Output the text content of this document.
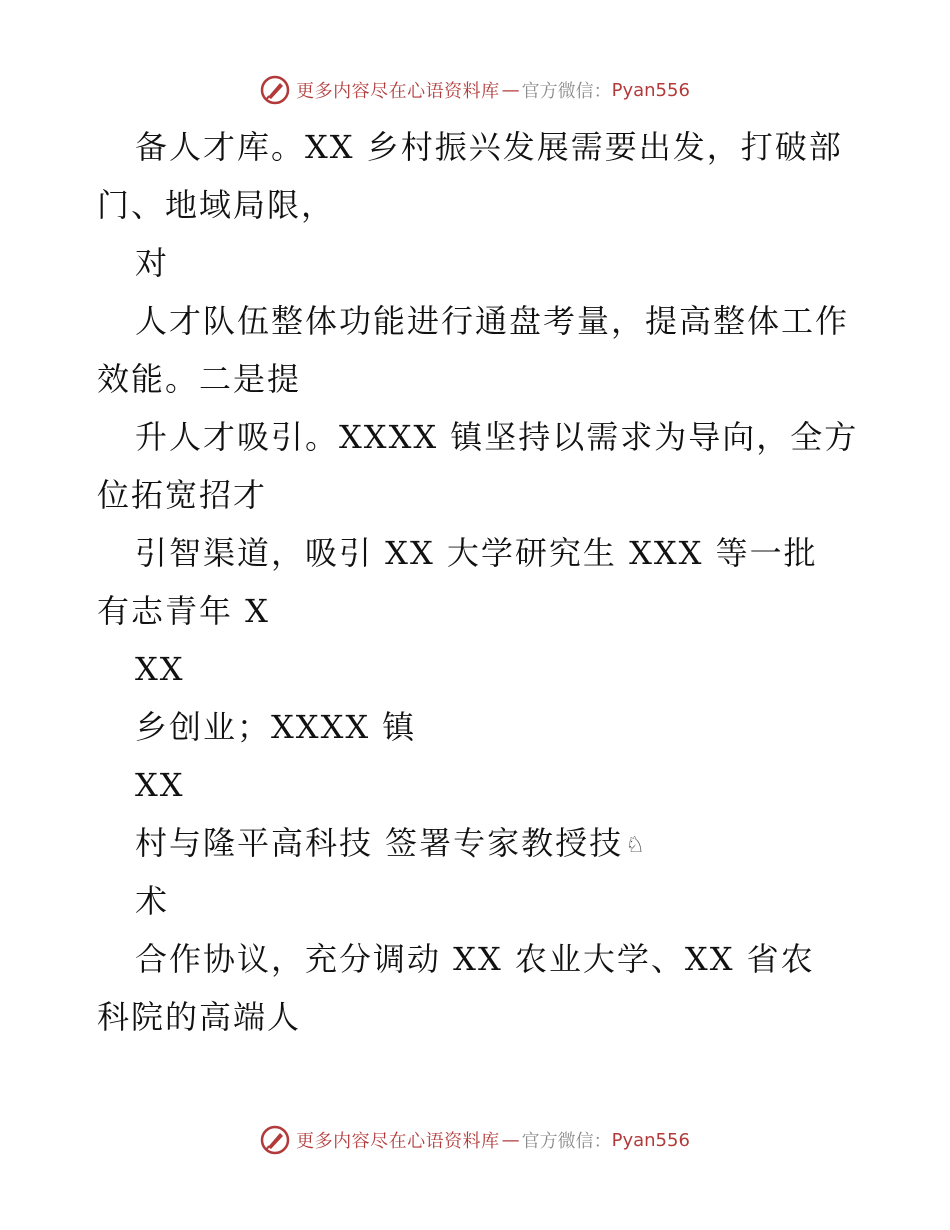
更多内容尽在心语资料库 — 官方微信： Pyan556
备人才库。XX 乡村振兴发展需要出发，打破部
门、地域局限，
对
人才队伍整体功能进行通盘考量，提高整体工作
效能。二是提
升人才吸引。XXXX 镇坚持以需求为导向，全方
位拓宽招才
引智渠道，吸引 XX 大学研究生 XXX 等一批
有志青年 X
XX
乡创业；XXXX 镇
XX
村与隆平高科技 签署专家教授技♘
术
合作协议，充分调动 XX 农业大学、XX 省农
科院的高端人
更多内容尽在心语资料库 — 官方微信： Pyan556
